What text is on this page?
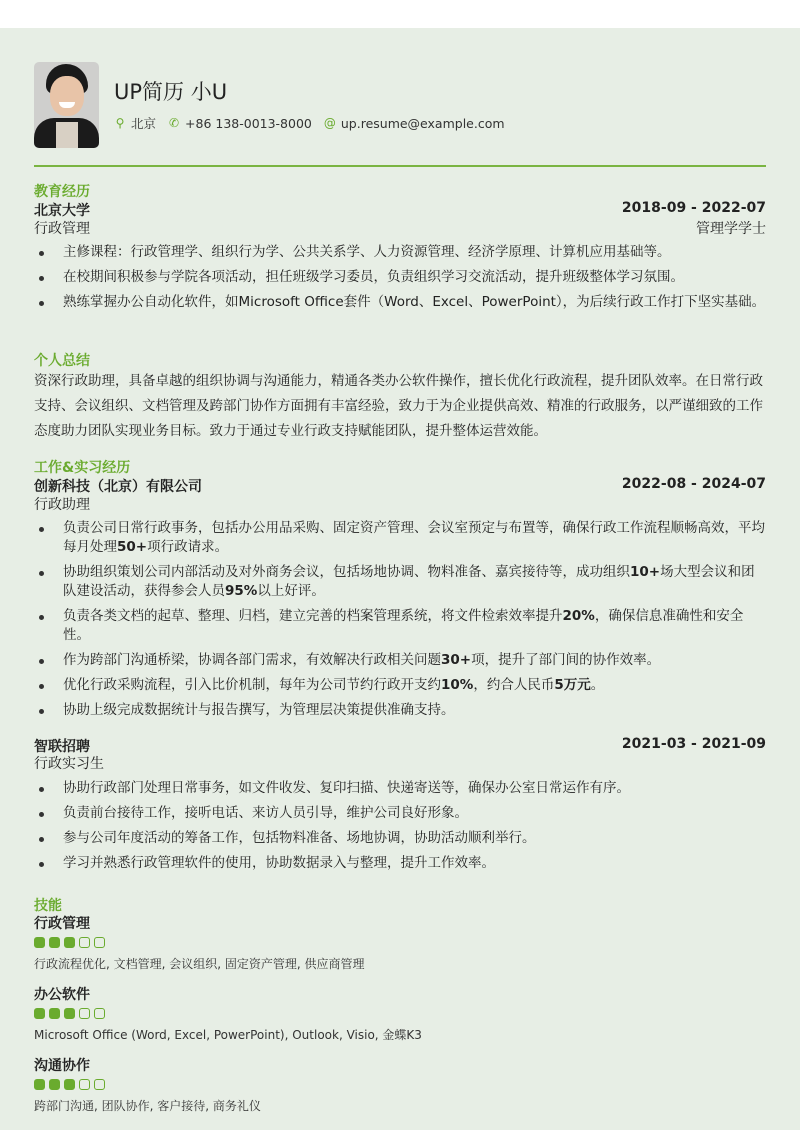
UP简历 小U
⚲ 北京 ✆ +86 138-0013-8000 @ up.resume@example.com
教育经历
北京大学	2018-09 - 2022-07
行政管理	管理学学士
主修课程：行政管理学、组织行为学、公共关系学、人力资源管理、经济学原理、计算机应用基础等。
在校期间积极参与学院各项活动，担任班级学习委员，负责组织学习交流活动，提升班级整体学习氛围。
熟练掌握办公自动化软件，如Microsoft Office套件（Word、Excel、PowerPoint），为后续行政工作打下坚实基础。
个人总结
资深行政助理，具备卓越的组织协调与沟通能力，精通各类办公软件操作，擅长优化行政流程，提升团队效率。在日常行政支持、会议组织、文档管理及跨部门协作方面拥有丰富经验，致力于为企业提供高效、精准的行政服务，以严谨细致的工作态度助力团队实现业务目标。致力于通过专业行政支持赋能团队，提升整体运营效能。
工作&实习经历
创新科技（北京）有限公司	2022-08 - 2024-07
行政助理
负责公司日常行政事务，包括办公用品采购、固定资产管理、会议室预定与布置等，确保行政工作流程顺畅高效，平均每月处理50+项行政请求。
协助组织策划公司内部活动及对外商务会议，包括场地协调、物料准备、嘉宾接待等，成功组织10+场大型会议和团队建设活动，获得参会人员95%以上好评。
负责各类文档的起草、整理、归档，建立完善的档案管理系统，将文件检索效率提升20%，确保信息准确性和安全性。
作为跨部门沟通桥梁，协调各部门需求，有效解决行政相关问题30+项，提升了部门间的协作效率。
优化行政采购流程，引入比价机制，每年为公司节约行政开支约10%，约合人民币5万元。
协助上级完成数据统计与报告撰写，为管理层决策提供准确支持。
智联招聘	2021-03 - 2021-09
行政实习生
协助行政部门处理日常事务，如文件收发、复印扫描、快递寄送等，确保办公室日常运作有序。
负责前台接待工作，接听电话、来访人员引导，维护公司良好形象。
参与公司年度活动的筹备工作，包括物料准备、场地协调，协助活动顺利举行。
学习并熟悉行政管理软件的使用，协助数据录入与整理，提升工作效率。
技能
行政管理
行政流程优化, 文档管理, 会议组织, 固定资产管理, 供应商管理
办公软件
Microsoft Office (Word, Excel, PowerPoint), Outlook, Visio, 金蝶K3
沟通协作
跨部门沟通, 团队协作, 客户接待, 商务礼仪
